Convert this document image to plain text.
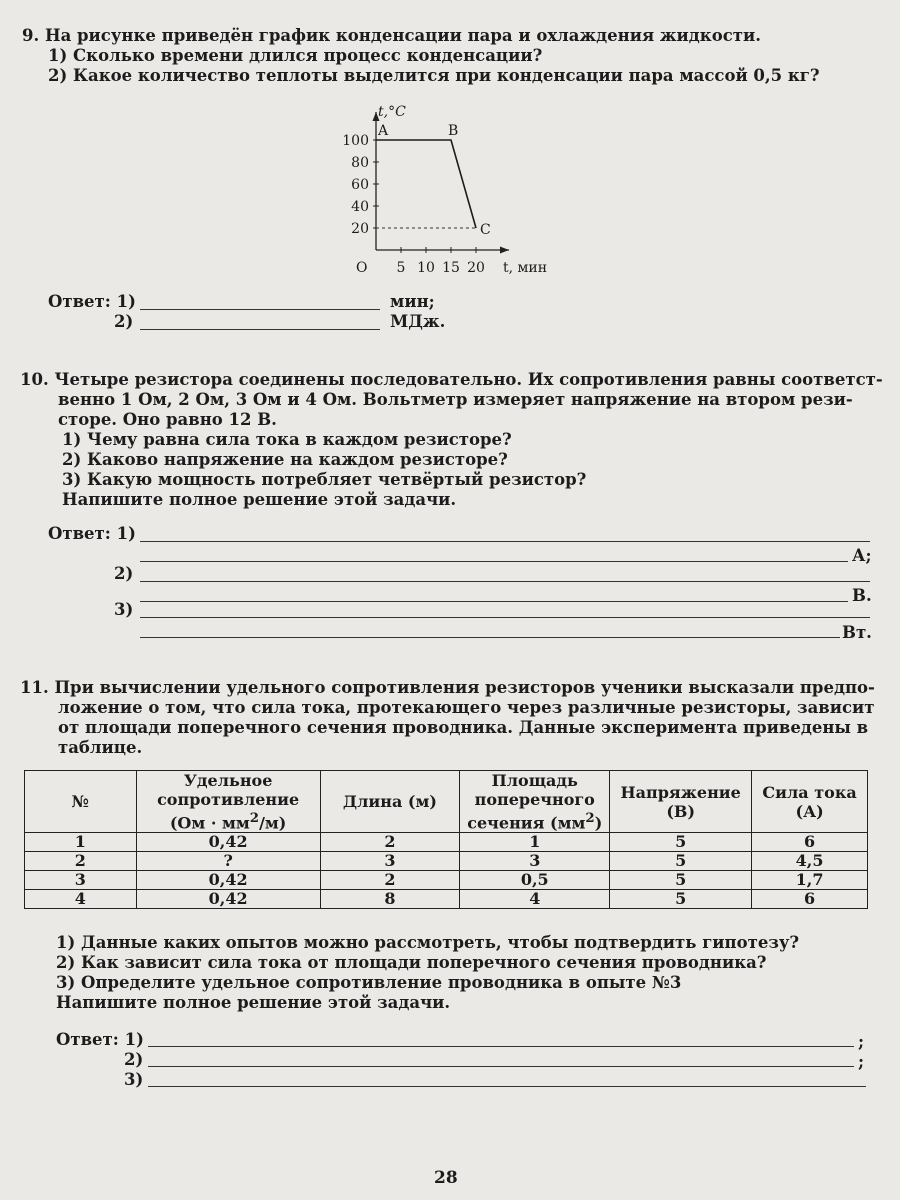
9. На рисунке приведён график конденсации пара и охлаждения жидкости.
1) Сколько времени длился процесс конденсации?
2) Какое количество теплоты выделится при конденсации пара массой 0,5 кг?
5 10 15 20
20
40
60
80
100
t,°C
t, мин
O
A	B
C
Ответ: 1)	мин;
2)	МДж.
10. Четыре резистора соединены последовательно. Их сопротивления равны соответст-
венно 1 Ом, 2 Ом, 3 Ом и 4 Ом. Вольтметр измеряет напряжение на втором рези-
сторе. Оно равно 12 В.
1) Чему равна сила тока в каждом резисторе?
2) Каково напряжение на каждом резисторе?
3) Какую мощность потребляет четвёртый резистор?
Напишите полное решение этой задачи.
Ответ: 1)
А;
2)
В.
3)
Вт.
11. При вычислении удельного сопротивления резисторов ученики высказали предпо-
ложение о том, что сила тока, протекающего через различные резисторы, зависит
от площади поперечного сечения проводника. Данные эксперимента приведены в
таблице.
№	Удельное
сопротивление
$(Ом \cdot мм^2/м)$	Длина (м)	Площадь
поперечного
сечения $(мм^2)$	Напряжение
(В)	Сила тока
(А)
1	0,42	2	1	5	6
2	?	3	3	5	4,5
3	0,42	2	0,5	5	1,7
4	0,42	8	4	5	6
1) Данные каких опытов можно рассмотреть, чтобы подтвердить гипотезу?
2) Как зависит сила тока от площади поперечного сечения проводника?
3) Определите удельное сопротивление проводника в опыте №3
Напишите полное решение этой задачи.
Ответ: 1)	;
2)	;
3)
28
